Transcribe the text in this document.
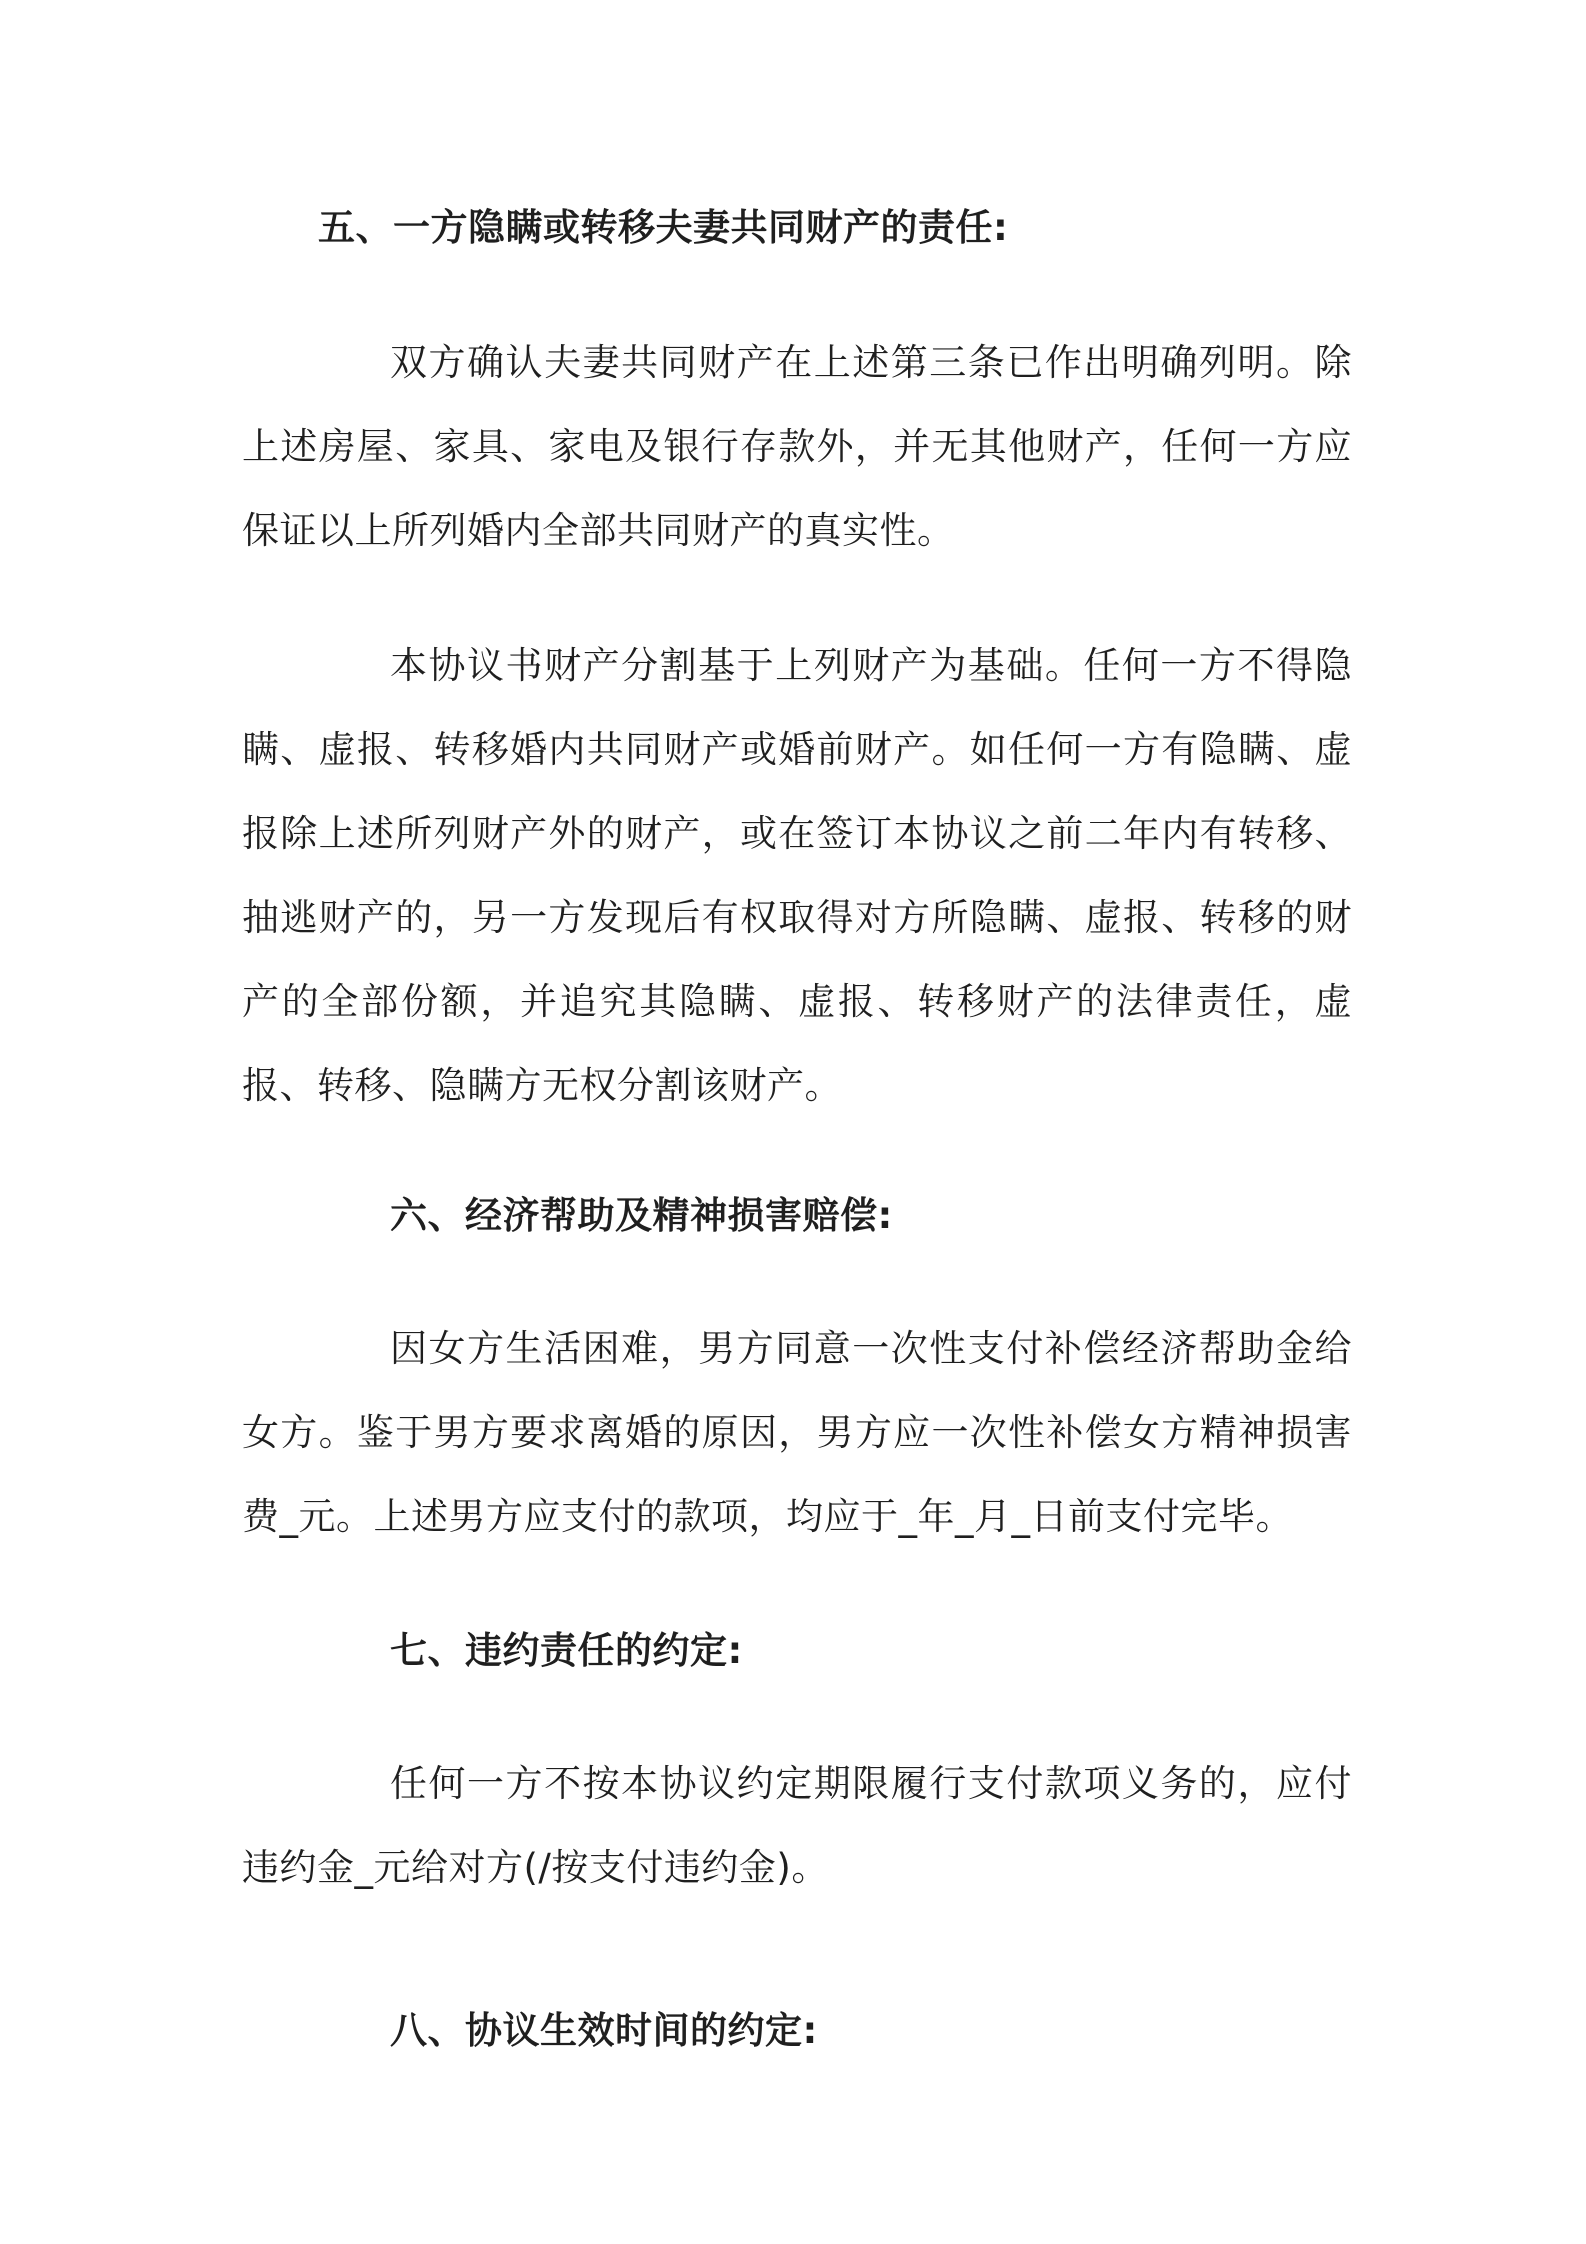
五、一方隐瞒或转移夫妻共同财产的责任:
双方确认夫妻共同财产在上述第三条已作出明确列明。除上述房屋、家具、家电及银行存款外，并无其他财产，任何一方应保证以上所列婚内全部共同财产的真实性。
本协议书财产分割基于上列财产为基础。任何一方不得隐瞒、虚报、转移婚内共同财产或婚前财产。如任何一方有隐瞒、虚报除上述所列财产外的财产，或在签订本协议之前二年内有转移、抽逃财产的，另一方发现后有权取得对方所隐瞒、虚报、转移的财产的全部份额，并追究其隐瞒、虚报、转移财产的法律责任，虚报、转移、隐瞒方无权分割该财产。
六、经济帮助及精神损害赔偿:
因女方生活困难，男方同意一次性支付补偿经济帮助金给女方。鉴于男方要求离婚的原因，男方应一次性补偿女方精神损害费_元。上述男方应支付的款项，均应于_年_月_日前支付完毕。
七、违约责任的约定:
任何一方不按本协议约定期限履行支付款项义务的，应付违约金_元给对方(/按支付违约金)。
八、协议生效时间的约定:
